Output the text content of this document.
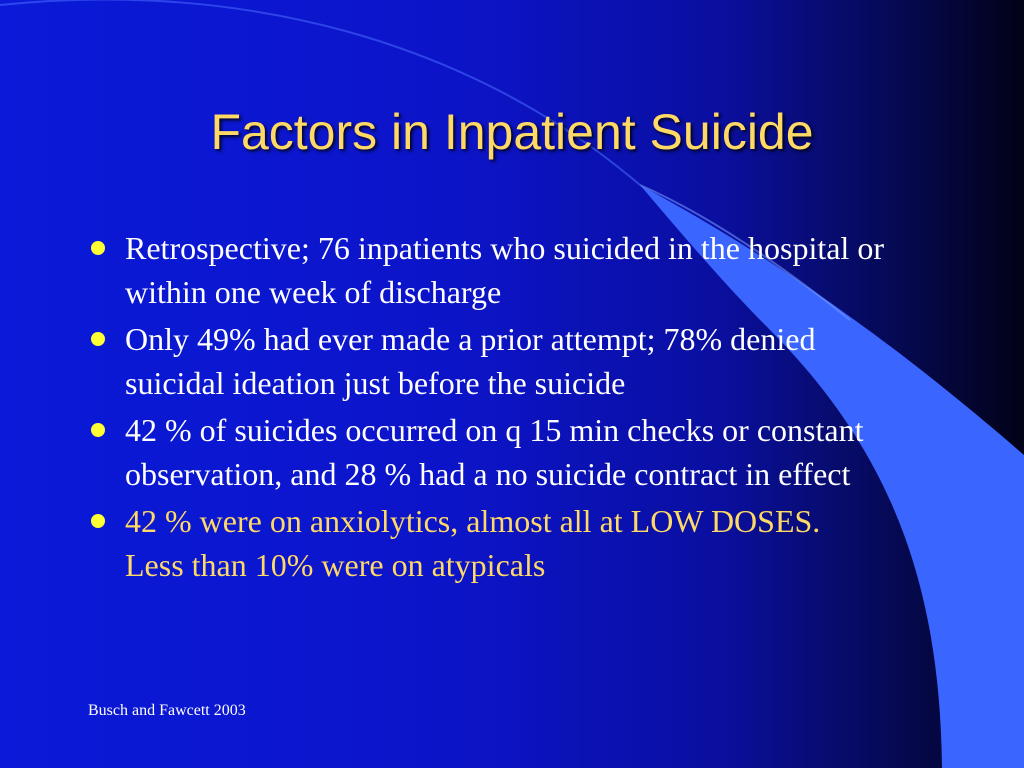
Factors in Inpatient Suicide
Retrospective; 76 inpatients who suicided in the hospital or within one week of discharge
Only 49% had ever made a prior attempt; 78% denied suicidal ideation just before the suicide
42 % of suicides occurred on q 15 min checks or constant observation, and 28 % had a no suicide contract in effect
42 % were on anxiolytics, almost all at LOW DOSES.      Less than 10% were on atypicals
Busch and Fawcett 2003
